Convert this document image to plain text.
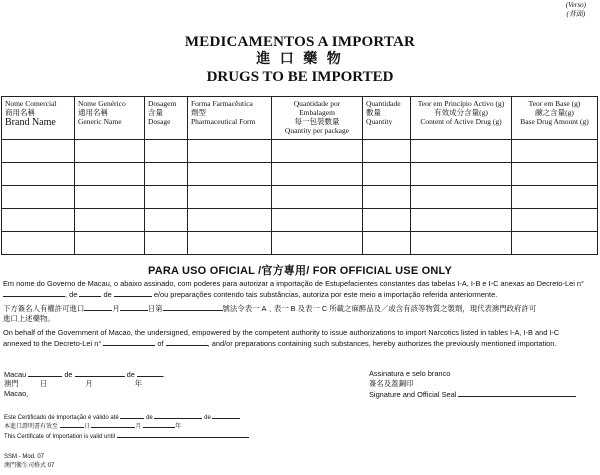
(Verso)
(背面)
MEDICAMENTOS A IMPORTAR
進 口 藥 物
DRUGS TO BE IMPORTED
Nome Comercial
商用名稱
Brand Name	Nome Genérico
通用名稱
Generic Name	Dosagem
含量
Dosage	Forma Farmacêutica
劑型
Pharmaceutical Form	Quantidade por Embalagem
每一包裝數量
Quantity per package	Quantidade
數量
Quantity	Teor em Princípio Activo (g)
有效成分含量(g)
Content of Active Drug (g)	Teor em Base (g)
鹼之含量(g)
Base Drug Amount (g)

PARA USO OFICIAL /官方專用/ FOR OFFICIAL USE ONLY
Em nome do Governo de Macau, o abaixo assinado, com poderes para autorizar a importação de Estupefacientes constantes das tabelas I-A, I-B e I-C anexas ao Decreto-Lei n°
, de	de	e/ou preparações contendo tais substâncias, autoriza por este meio a importação referida anteriormente.
下方簽名人有權許可進口	月	日第	號法令表一 A﹑表一 B 及表一 C 所載之麻醉品及／或含有該等物質之製劑，現代表澳門政府許可
進口上述藥物。
On behalf of the Government of Macao, the undersigned, empowered by the competent authority to issue authorizations to import Narcotics listed in tables I-A, I-B and I-C
annexed to the Decreto-Lei n°	of	, and/or preparations containing such substances, hereby authorizes the previously mentioned importation.
Macau	de	de	.
澳門	日	月	年
Macao,
Assinatura e selo branco
簽名及蓋鋼印
Signature and Official Seal
Este Certificado de Importação é válido até	de	de
本進口證明書有效至	日	月	年
This Certificate of Importation is valid until
SSM - Mod. 07
澳門衛生司格式 07
